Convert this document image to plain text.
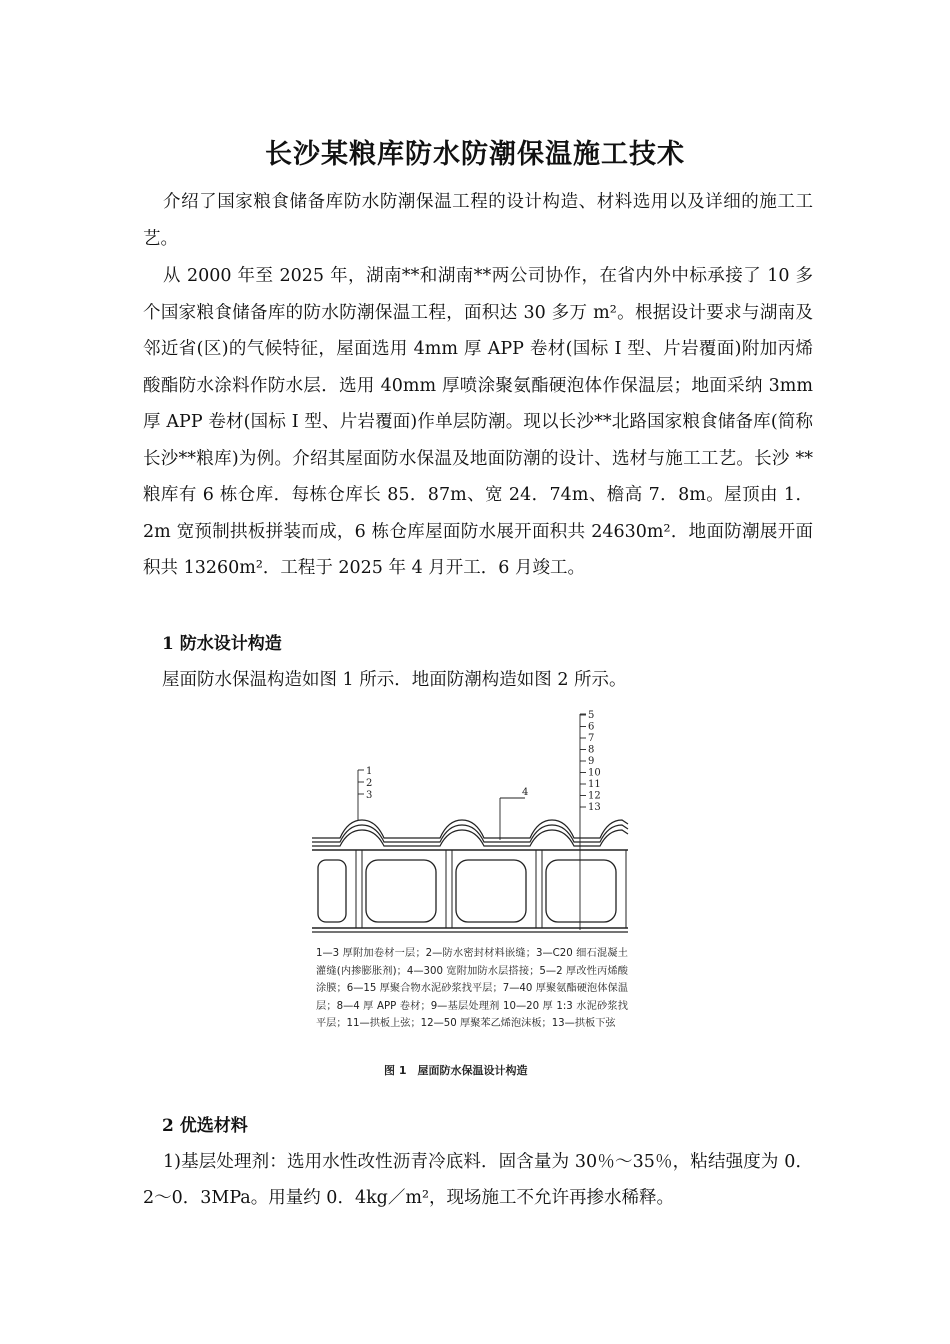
长沙某粮库防水防潮保温施工技术
介绍了国家粮食储备库防水防潮保温工程的设计构造、材料选用以及详细的施工工艺。
从 2000 年至 2025 年，湖南**和湖南**两公司协作，在省内外中标承接了 10 多个国家粮食储备库的防水防潮保温工程，面积达 30 多万 m²。根据设计要求与湖南及邻近省(区)的气候特征，屋面选用 4mm 厚 APP 卷材(国标 I 型、片岩覆面)附加丙烯酸酯防水涂料作防水层．选用 40mm 厚喷涂聚氨酯硬泡体作保温层；地面采纳 3mm 厚 APP 卷材(国标 I 型、片岩覆面)作单层防潮。现以长沙**北路国家粮食储备库(简称长沙**粮库)为例。介绍其屋面防水保温及地面防潮的设计、选材与施工工艺。长沙 **粮库有 6 栋仓库．每栋仓库长 85．87m、宽 24．74m、檐高 7．8m。屋顶由 1．2m 宽预制拱板拼装而成，6 栋仓库屋面防水展开面积共 24630m²．地面防潮展开面积共 13260m²．工程于 2025 年 4 月开工．6 月竣工。
1 防水设计构造
屋面防水保温构造如图 1 所示．地面防潮构造如图 2 所示。
1
2
3	4
5
6
7
8
9
10
11
12
13
1—3 厚附加卷材一层；2—防水密封材料嵌缝；3—C20 细石混凝土灌缝(内掺膨胀剂)；4—300 宽附加防水层搭接；5—2 厚改性丙烯酸涂膜；6—15 厚聚合物水泥砂浆找平层；7—40 厚聚氨酯硬泡体保温层；8—4 厚 APP 卷材；9—基层处理剂 10—20 厚 1:3 水泥砂浆找平层；11—拱板上弦；12—50 厚聚苯乙烯泡沫板；13—拱板下弦
图 1　屋面防水保温设计构造
2 优选材料
1)基层处理剂：选用水性改性沥青冷底料．固含量为 30％～35％，粘结强度为 0．2～0．3MPa。用量约 0．4kg／m²，现场施工不允许再掺水稀释。
